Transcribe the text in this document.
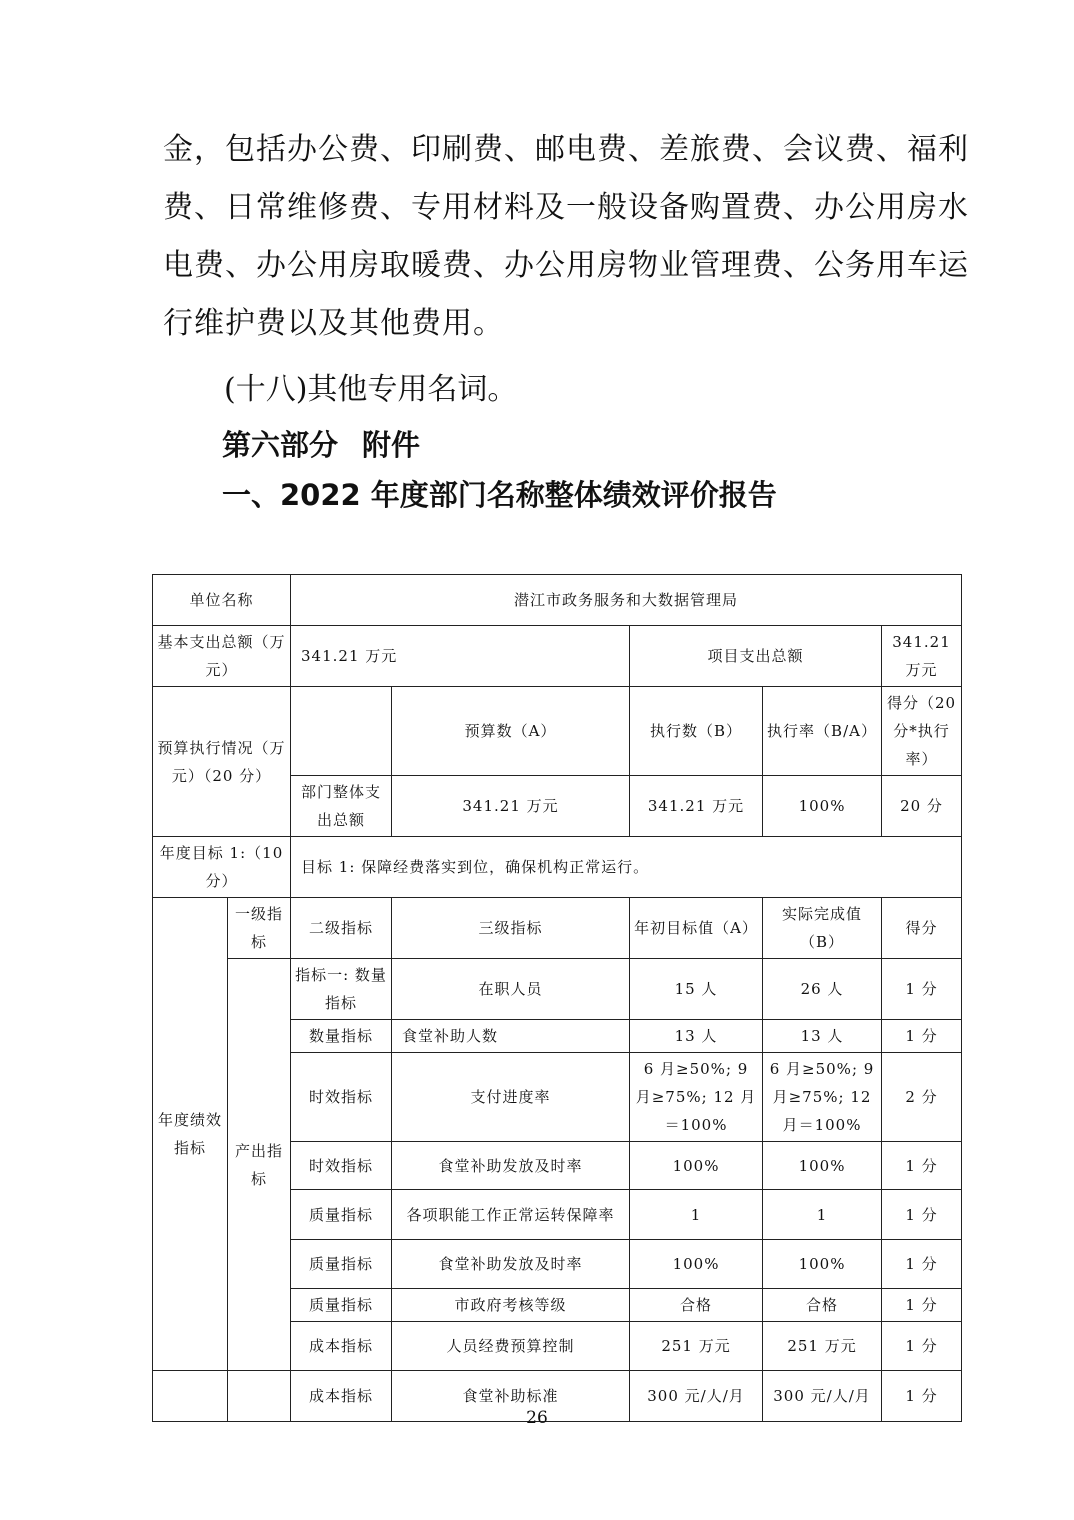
金，包括办公费、印刷费、邮电费、差旅费、会议费、福利
费、日常维修费、专用材料及一般设备购置费、办公用房水
电费、办公用房取暖费、办公用房物业管理费、公务用车运
行维护费以及其他费用。
(十八)其他专用名词。
第六部分 附件
一、2022 年度部门名称整体绩效评价报告
单位名称		潜江市政务服务和大数据管理局				
基本支出总额（万元）		341.21 万元		项目支出总额		341.21 万元
预算执行情况（万元）（20 分）			预算数（A）	执行数（B）	执行率（B/A）	得分（20 分*执行率）
		部门整体支出总额	341.21 万元	341.21 万元	100%	20 分
年度目标 1:（10 分）		目标 1: 保障经费落实到位，确保机构正常运行。				
年度绩效指标	一级指标	二级指标	三级指标	年初目标值（A）	实际完成值（B）	得分
	产出指标	指标一: 数量指标	在职人员	15 人	26 人	1 分
		数量指标	食堂补助人数	13 人	13 人	1 分
		时效指标	支付进度率	6 月≥50%; 9 月≥75%; 12 月＝100%	6 月≥50%; 9 月≥75%; 12 月＝100%	2 分
		时效指标	食堂补助发放及时率	100%	100%	1 分
		质量指标	各项职能工作正常运转保障率	1	1	1 分
		质量指标	食堂补助发放及时率	100%	100%	1 分
		质量指标	市政府考核等级	合格	合格	1 分
		成本指标	人员经费预算控制	251 万元	251 万元	1 分
		成本指标	食堂补助标准	300 元/人/月	300 元/人/月	1 分
26
